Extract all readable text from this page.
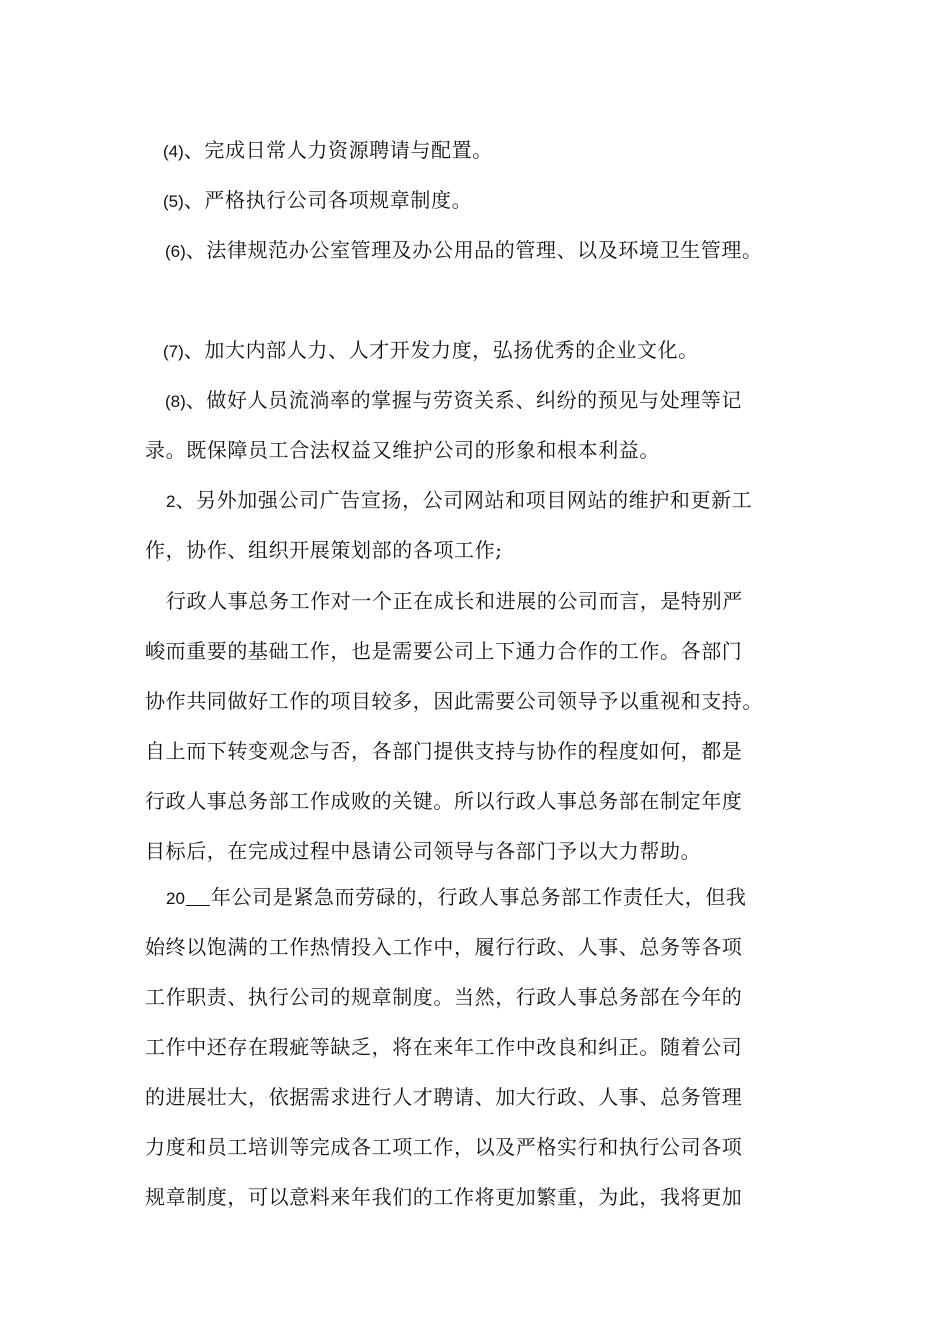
(4)、完成日常人力资源聘请与配置。
(5)、严格执行公司各项规章制度。
(6)、法律规范办公室管理及办公用品的管理、以及环境卫生管理。
(7)、加大内部人力、人才开发力度，弘扬优秀的企业文化。
(8)、做好人员流淌率的掌握与劳资关系、纠纷的预见与处理等记
录。既保障员工合法权益又维护公司的形象和根本利益。
2、另外加强公司广告宣扬，公司网站和项目网站的维护和更新工
作，协作、组织开展策划部的各项工作;
行政人事总务工作对一个正在成长和进展的公司而言，是特别严
峻而重要的基础工作，也是需要公司上下通力合作的工作。各部门
协作共同做好工作的项目较多，因此需要公司领导予以重视和支持。
自上而下转变观念与否，各部门提供支持与协作的程度如何，都是
行政人事总务部工作成败的关键。所以行政人事总务部在制定年度
目标后，在完成过程中恳请公司领导与各部门予以大力帮助。
20 年公司是紧急而劳碌的，行政人事总务部工作责任大，但我
始终以饱满的工作热情投入工作中，履行行政、人事、总务等各项
工作职责、执行公司的规章制度。当然，行政人事总务部在今年的
工作中还存在瑕疵等缺乏，将在来年工作中改良和纠正。随着公司
的进展壮大，依据需求进行人才聘请、加大行政、人事、总务管理
力度和员工培训等完成各工项工作，以及严格实行和执行公司各项
规章制度，可以意料来年我们的工作将更加繁重，为此，我将更加
